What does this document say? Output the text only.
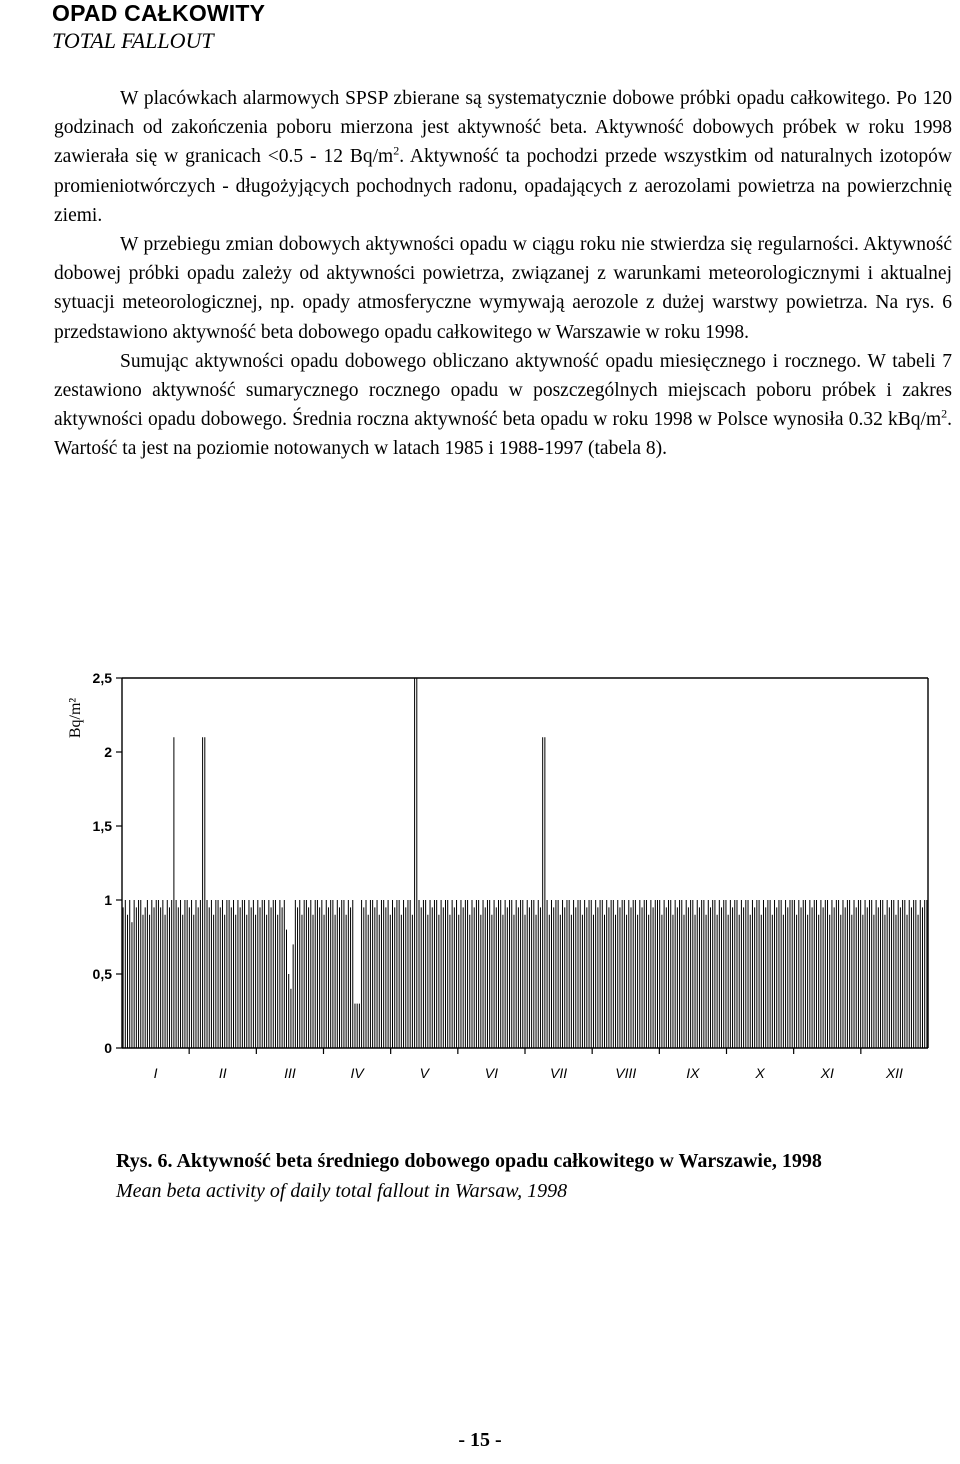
OPAD CAŁKOWITY
TOTAL FALLOUT

W placówkach alarmowych SPSP zbierane są systematycznie dobowe próbki opadu całkowitego. Po 120 godzinach od zakończenia poboru mierzona jest aktywność beta. Aktywność dobowych próbek w roku 1998 zawierała się w granicach <0.5 - 12 $Bq/m^2$. Aktywność ta pochodzi przede wszystkim od naturalnych izotopów promieniotwórczych - długożyjących pochodnych radonu, opadających z aerozolami powietrza na powierzchnię ziemi.

W przebiegu zmian dobowych aktywności opadu w ciągu roku nie stwierdza się regularności. Aktywność dobowej próbki opadu zależy od aktywności powietrza, związanej z warunkami meteorologicznymi i aktualnej sytuacji meteorologicznej, np. opady atmosferyczne wymywają aerozole z dużej warstwy powietrza. Na rys. 6 przedstawiono aktywność beta dobowego opadu całkowitego w Warszawie w roku 1998.

Sumując aktywności opadu dobowego obliczano aktywność opadu miesięcznego i rocznego. W tabeli 7 zestawiono aktywność sumarycznego rocznego opadu w poszczególnych miejscach poboru próbek i zakres aktywności opadu dobowego. Średnia roczna aktywność beta opadu w roku 1998 w Polsce wynosiła 0.32 kBq/$m^2$. Wartość ta jest na poziomie notowanych w latach 1985 i 1988-1997 (tabela 8).

Bq/m²
0
0,5
1
1,5
2
2,5
I	II	III	IV	V	VI	VII	VIII	IX	X	XI	XII
Rys. 6. Aktywność beta średniego dobowego opadu całkowitego w Warszawie, 1998
Mean beta activity of daily total fallout in Warsaw, 1998
- 15 -
